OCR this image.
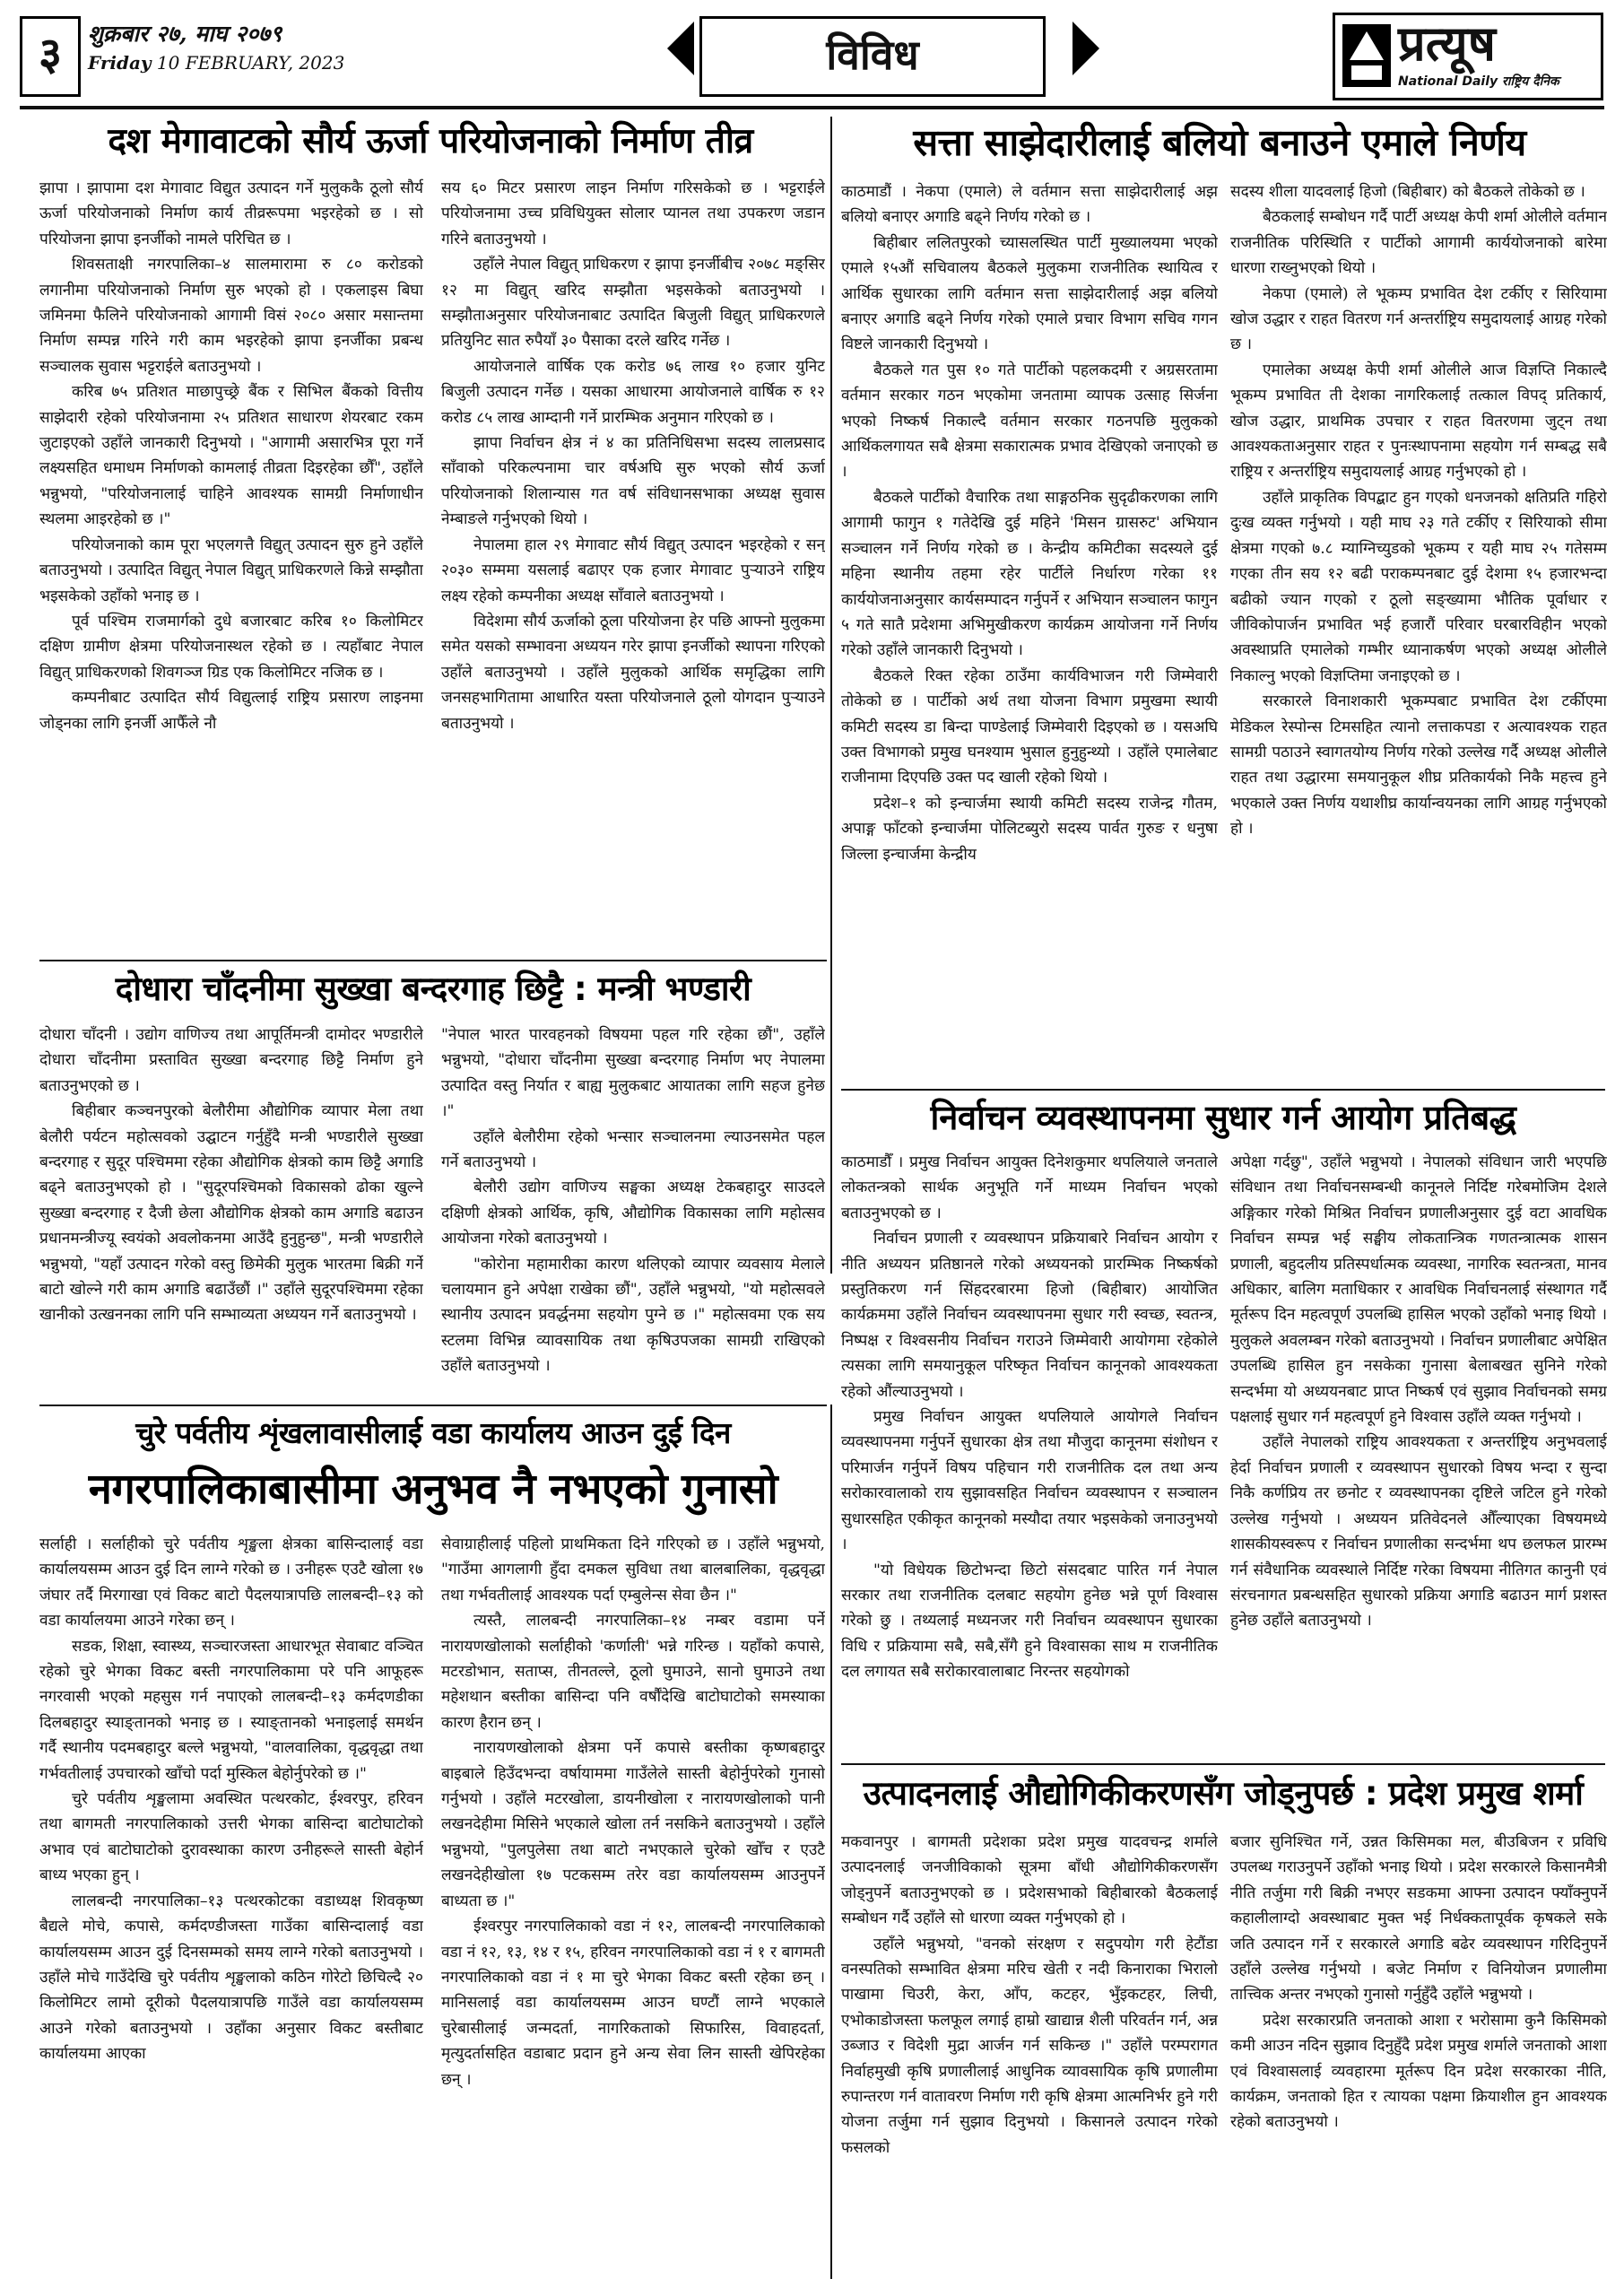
३	शुक्रबार २७, माघ २०७९
Friday 10 FEBRUARY, 2023	विविध	प्रत्यूष
National Daily राष्ट्रिय दैनिक
दश मेगावाटको सौर्य ऊर्जा परियोजनाको निर्माण तीव्र

झापा । झापामा दश मेगावाट विद्युत उत्पादन गर्ने मुलुककै ठूलो सौर्य ऊर्जा परियोजनाको निर्माण कार्य तीव्ररूपमा भइरहेको छ । सो परियोजना झापा इनर्जीको नामले परिचित छ ।

शिवसताक्षी नगरपालिका–४ सालमारामा रु ८० करोडको लगानीमा परियोजनाको निर्माण सुरु भएको हो । एकलाइस बिघा जमिनमा फैलिने परियोजनाको आगामी विसं २०८० असार मसान्तमा निर्माण सम्पन्न गरिने गरी काम भइरहेको झापा इनर्जीका प्रबन्ध सञ्चालक सुवास भट्टराईले बताउनुभयो ।

करिब ७५ प्रतिशत माछापुच्छ्रे बैंक र सिभिल बैंकको वित्तीय साझेदारी रहेको परियोजनामा २५ प्रतिशत साधारण शेयरबाट रकम जुटाइएको उहाँले जानकारी दिनुभयो । "आगामी असारभित्र पूरा गर्ने लक्ष्यसहित धमाधम निर्माणको कामलाई तीव्रता दिइरहेका छौँ", उहाँले भन्नुभयो, "परियोजनालाई चाहिने आवश्यक सामग्री निर्माणाधीन स्थलमा आइरहेको छ ।"

परियोजनाको काम पूरा भएलगत्तै विद्युत् उत्पादन सुरु हुने उहाँले बताउनुभयो । उत्पादित विद्युत् नेपाल विद्युत् प्राधिकरणले किन्ने सम्झौता भइसकेको उहाँको भनाइ छ ।

पूर्व पश्चिम राजमार्गको दुधे बजारबाट करिब १० किलोमिटर दक्षिण ग्रामीण क्षेत्रमा परियोजनास्थल रहेको छ । त्यहाँबाट नेपाल विद्युत् प्राधिकरणको शिवगञ्ज ग्रिड एक किलोमिटर नजिक छ ।

कम्पनीबाट उत्पादित सौर्य विद्युत्लाई राष्ट्रिय प्रसारण लाइनमा जोड्नका लागि इनर्जी आफैँले नौ

सय ६० मिटर प्रसारण लाइन निर्माण गरिसकेको छ । भट्टराईले परियोजनामा उच्च प्रविधियुक्त सोलार प्यानल तथा उपकरण जडान गरिने बताउनुभयो ।

उहाँले नेपाल विद्युत् प्राधिकरण र झापा इनर्जीबीच २०७८ मङ्सिर १२ मा विद्युत् खरिद सम्झौता भइसकेको बताउनुभयो । सम्झौताअनुसार परियोजनाबाट उत्पादित बिजुली विद्युत् प्राधिकरणले प्रतियुनिट सात रुपैयाँ ३० पैसाका दरले खरिद गर्नेछ ।

आयोजनाले वार्षिक एक करोड ७६ लाख १० हजार युनिट बिजुली उत्पादन गर्नेछ । यसका आधारमा आयोजनाले वार्षिक रु १२ करोड ८५ लाख आम्दानी गर्ने प्रारम्भिक अनुमान गरिएको छ ।

झापा निर्वाचन क्षेत्र नं ४ का प्रतिनिधिसभा सदस्य लालप्रसाद साँवाको परिकल्पनामा चार वर्षअघि सुरु भएको सौर्य ऊर्जा परियोजनाको शिलान्यास गत वर्ष संविधानसभाका अध्यक्ष सुवास नेम्बाङले गर्नुभएको थियो ।

नेपालमा हाल २९ मेगावाट सौर्य विद्युत् उत्पादन भइरहेको र सन् २०३० सम्ममा यसलाई बढाएर एक हजार मेगावाट पुऱ्याउने राष्ट्रिय लक्ष्य रहेको कम्पनीका अध्यक्ष साँवाले बताउनुभयो ।

विदेशमा सौर्य ऊर्जाको ठूला परियोजना हेर पछि आफ्नो मुलुकमा समेत यसको सम्भावना अध्ययन गरेर झापा इनर्जीको स्थापना गरिएको उहाँले बताउनुभयो । उहाँले मुलुकको आर्थिक समृद्धिका लागि जनसहभागितामा आधारित यस्ता परियोजनाले ठूलो योगदान पुऱ्याउने बताउनुभयो ।

सत्ता साझेदारीलाई बलियो बनाउने एमाले निर्णय

काठमाडौं । नेकपा (एमाले) ले वर्तमान सत्ता साझेदारीलाई अझ बलियो बनाएर अगाडि बढ्ने निर्णय गरेको छ ।

बिहीबार ललितपुरको च्यासलस्थित पार्टी मुख्यालयमा भएको एमाले १५औं सचिवालय बैठकले मुलुकमा राजनीतिक स्थायित्व र आर्थिक सुधारका लागि वर्तमान सत्ता साझेदारीलाई अझ बलियो बनाएर अगाडि बढ्ने निर्णय गरेको एमाले प्रचार विभाग सचिव गगन विष्टले जानकारी दिनुभयो ।

बैठकले गत पुस १० गते पार्टीको पहलकदमी र अग्रसरतामा वर्तमान सरकार गठन भएकोमा जनतामा व्यापक उत्साह सिर्जना भएको निष्कर्ष निकाल्दै वर्तमान सरकार गठनपछि मुलुकको आर्थिकलगायत सबै क्षेत्रमा सकारात्मक प्रभाव देखिएको जनाएको छ ।

बैठकले पार्टीको वैचारिक तथा साङ्गठनिक सुदृढीकरणका लागि आगामी फागुन १ गतेदेखि दुई महिने 'मिसन ग्रासरुट' अभियान सञ्चालन गर्ने निर्णय गरेको छ । केन्द्रीय कमिटीका सदस्यले दुई महिना स्थानीय तहमा रहेर पार्टीले निर्धारण गरेका ११ कार्ययोजनाअनुसार कार्यसम्पादन गर्नुपर्ने र अभियान सञ्चालन फागुन ५ गते सातै प्रदेशमा अभिमुखीकरण कार्यक्रम आयोजना गर्ने निर्णय गरेको उहाँले जानकारी दिनुभयो ।

बैठकले रिक्त रहेका ठाउँमा कार्यविभाजन गरी जिम्मेवारी तोकेको छ । पार्टीको अर्थ तथा योजना विभाग प्रमुखमा स्थायी कमिटी सदस्य डा बिन्दा पाण्डेलाई जिम्मेवारी दिइएको छ । यसअघि उक्त विभागको प्रमुख घनश्याम भुसाल हुनुहुन्थ्यो । उहाँले एमालेबाट राजीनामा दिएपछि उक्त पद खाली रहेको थियो ।

प्रदेश–१ को इन्चार्जमा स्थायी कमिटी सदस्य राजेन्द्र गौतम, अपाङ्ग फाँटको इन्चार्जमा पोलिटब्युरो सदस्य पार्वत गुरुङ र धनुषा जिल्ला इन्चार्जमा केन्द्रीय

सदस्य शीला यादवलाई हिजो (बिहीबार) को बैठकले तोकेको छ ।

बैठकलाई सम्बोधन गर्दै पार्टी अध्यक्ष केपी शर्मा ओलीले वर्तमान राजनीतिक परिस्थिति र पार्टीको आगामी कार्ययोजनाको बारेमा धारणा राख्नुभएको थियो ।

नेकपा (एमाले) ले भूकम्प प्रभावित देश टर्कीए र सिरियामा खोज उद्धार र राहत वितरण गर्न अन्तर्राष्ट्रिय समुदायलाई आग्रह गरेको छ ।

एमालेका अध्यक्ष केपी शर्मा ओलीले आज विज्ञप्ति निकाल्दै भूकम्प प्रभावित ती देशका नागरिकलाई तत्काल विपद् प्रतिकार्य, खोज उद्धार, प्राथमिक उपचार र राहत वितरणमा जुट्न तथा आवश्यकताअनुसार राहत र पुनःस्थापनामा सहयोग गर्न सम्बद्ध सबै राष्ट्रिय र अन्तर्राष्ट्रिय समुदायलाई आग्रह गर्नुभएको हो ।

उहाँले प्राकृतिक विपद्बाट हुन गएको धनजनको क्षतिप्रति गहिरो दुःख व्यक्त गर्नुभयो । यही माघ २३ गते टर्कीए र सिरियाको सीमा क्षेत्रमा गएको ७.८ म्याग्निच्युडको भूकम्प र यही माघ २५ गतेसम्म गएका तीन सय १२ बढी पराकम्पनबाट दुई देशमा १५ हजारभन्दा बढीको ज्यान गएको र ठूलो सङ्ख्यामा भौतिक पूर्वाधार र जीविकोपार्जन प्रभावित भई हजारौं परिवार घरबारविहीन भएको अवस्थाप्रति एमालेको गम्भीर ध्यानाकर्षण भएको अध्यक्ष ओलीले निकाल्नु भएको विज्ञप्तिमा जनाइएको छ ।

सरकारले विनाशकारी भूकम्पबाट प्रभावित देश टर्कीएमा मेडिकल रेस्पोन्स टिमसहित त्यानो लत्ताकपडा र अत्यावश्यक राहत सामग्री पठाउने स्वागतयोग्य निर्णय गरेको उल्लेख गर्दै अध्यक्ष ओलीले राहत तथा उद्धारमा समयानुकूल शीघ्र प्रतिकार्यको निकै महत्त्व हुने भएकाले उक्त निर्णय यथाशीघ्र कार्यान्वयनका लागि आग्रह गर्नुभएको हो ।

दोधारा चाँदनीमा सुख्खा बन्दरगाह छिट्टै : मन्त्री भण्डारी

दोधारा चाँदनी । उद्योग वाणिज्य तथा आपूर्तिमन्त्री दामोदर भण्डारीले दोधारा चाँदनीमा प्रस्तावित सुख्खा बन्दरगाह छिट्टै निर्माण हुने बताउनुभएको छ ।

बिहीबार कञ्चनपुरको बेलौरीमा औद्योगिक व्यापार मेला तथा बेलौरी पर्यटन महोत्सवको उद्घाटन गर्नुहुँदै मन्त्री भण्डारीले सुख्खा बन्दरगाह र सुदूर पश्चिममा रहेका औद्योगिक क्षेत्रको काम छिट्टै अगाडि बढ्ने बताउनुभएको हो । "सुदूरपश्चिमको विकासको ढोका खुल्ने सुख्खा बन्दरगाह र दैजी छेला औद्योगिक क्षेत्रको काम अगाडि बढाउन प्रधानमन्त्रीज्यू स्वयंको अवलोकनमा आउँदै हुनुहुन्छ", मन्त्री भण्डारीले भन्नुभयो, "यहाँ उत्पादन गरेको वस्तु छिमेकी मुलुक भारतमा बिक्री गर्ने बाटो खोल्ने गरी काम अगाडि बढाउँछौं ।" उहाँले सुदूरपश्चिममा रहेका खानीको उत्खननका लागि पनि सम्भाव्यता अध्ययन गर्ने बताउनुभयो ।

"नेपाल भारत पारवहनको विषयमा पहल गरि रहेका छौं", उहाँले भन्नुभयो, "दोधारा चाँदनीमा सुख्खा बन्दरगाह निर्माण भए नेपालमा उत्पादित वस्तु निर्यात र बाह्य मुलुकबाट आयातका लागि सहज हुनेछ ।"

उहाँले बेलौरीमा रहेको भन्सार सञ्चालनमा ल्याउनसमेत पहल गर्ने बताउनुभयो ।

बेलौरी उद्योग वाणिज्य सङ्घका अध्यक्ष टेकबहादुर साउदले दक्षिणी क्षेत्रको आर्थिक, कृषि, औद्योगिक विकासका लागि महोत्सव आयोजना गरेको बताउनुभयो ।

"कोरोना महामारीका कारण थलिएको व्यापार व्यवसाय मेलाले चलायमान हुने अपेक्षा राखेका छौं", उहाँले भन्नुभयो, "यो महोत्सवले स्थानीय उत्पादन प्रवर्द्धनमा सहयोग पुग्ने छ ।" महोत्सवमा एक सय स्टलमा विभिन्न व्यावसायिक तथा कृषिउपजका सामग्री राखिएको उहाँले बताउनुभयो ।

निर्वाचन व्यवस्थापनमा सुधार गर्न आयोग प्रतिबद्ध

काठमाडौँ । प्रमुख निर्वाचन आयुक्त दिनेशकुमार थपलियाले जनताले लोकतन्त्रको सार्थक अनुभूति गर्ने माध्यम निर्वाचन भएको बताउनुभएको छ ।

निर्वाचन प्रणाली र व्यवस्थापन प्रक्रियाबारे निर्वाचन आयोग र नीति अध्ययन प्रतिष्ठानले गरेको अध्ययनको प्रारम्भिक निष्कर्षको प्रस्तुतिकरण गर्न सिंहदरबारमा हिजो (बिहीबार) आयोजित कार्यक्रममा उहाँले निर्वाचन व्यवस्थापनमा सुधार गरी स्वच्छ, स्वतन्त्र, निष्पक्ष र विश्वसनीय निर्वाचन गराउने जिम्मेवारी आयोगमा रहेकोले त्यसका लागि समयानुकूल परिष्कृत निर्वाचन कानूनको आवश्यकता रहेको औंल्याउनुभयो ।

प्रमुख निर्वाचन आयुक्त थपलियाले आयोगले निर्वाचन व्यवस्थापनमा गर्नुपर्ने सुधारका क्षेत्र तथा मौजुदा कानूनमा संशोधन र परिमार्जन गर्नुपर्ने विषय पहिचान गरी राजनीतिक दल तथा अन्य सरोकारवालाको राय सुझावसहित निर्वाचन व्यवस्थापन र सञ्चालन सुधारसहित एकीकृत कानूनको मस्यौदा तयार भइसकेको जनाउनुभयो ।

"यो विधेयक छिटोभन्दा छिटो संसदबाट पारित गर्न नेपाल सरकार तथा राजनीतिक दलबाट सहयोग हुनेछ भन्ने पूर्ण विश्वास गरेको छु । तथ्यलाई मध्यनजर गरी निर्वाचन व्यवस्थापन सुधारका विधि र प्रक्रियामा सबै, सबै,सँगै हुने विश्वासका साथ म राजनीतिक दल लगायत सबै सरोकारवालाबाट निरन्तर सहयोगको

अपेक्षा गर्दछु", उहाँले भन्नुभयो । नेपालको संविधान जारी भएपछि संविधान तथा निर्वाचनसम्बन्धी कानूनले निर्दिष्ट गरेबमोजिम देशले अङ्गिकार गरेको मिश्रित निर्वाचन प्रणालीअनुसार दुई वटा आवधिक निर्वाचन सम्पन्न भई सङ्घीय लोकतान्त्रिक गणतन्त्रात्मक शासन प्रणाली, बहुदलीय प्रतिस्पर्धात्मक व्यवस्था, नागरिक स्वतन्त्रता, मानव अधिकार, बालिग मताधिकार र आवधिक निर्वाचनलाई संस्थागत गर्दै मूर्तरूप दिन महत्वपूर्ण उपलब्धि हासिल भएको उहाँको भनाइ थियो । मुलुकले अवलम्बन गरेको बताउनुभयो । निर्वाचन प्रणालीबाट अपेक्षित उपलब्धि हासिल हुन नसकेका गुनासा बेलाबखत सुनिने गरेको सन्दर्भमा यो अध्ययनबाट प्राप्त निष्कर्ष एवं सुझाव निर्वाचनको समग्र पक्षलाई सुधार गर्न महत्वपूर्ण हुने विश्वास उहाँले व्यक्त गर्नुभयो ।

उहाँले नेपालको राष्ट्रिय आवश्यकता र अन्तर्राष्ट्रिय अनुभवलाई हेर्दा निर्वाचन प्रणाली र व्यवस्थापन सुधारको विषय भन्दा र सुन्दा निकै कर्णप्रिय तर छनोट र व्यवस्थापनका दृष्टिले जटिल हुने गरेको उल्लेख गर्नुभयो । अध्ययन प्रतिवेदनले औँल्याएका विषयमध्ये शासकीयस्वरूप र निर्वाचन प्रणालीका सन्दर्भमा थप छलफल प्रारम्भ गर्न संवैधानिक व्यवस्थाले निर्दिष्ट गरेका विषयमा नीतिगत कानुनी एवं संरचनागत प्रबन्धसहित सुधारको प्रक्रिया अगाडि बढाउन मार्ग प्रशस्त हुनेछ उहाँले बताउनुभयो ।

चुरे पर्वतीय शृंखलावासीलाई वडा कार्यालय आउन दुई दिन
नगरपालिकाबासीमा अनुभव नै नभएको गुनासो

सर्लाही । सर्लाहीको चुरे पर्वतीय शृङ्खला क्षेत्रका बासिन्दालाई वडा कार्यालयसम्म आउन दुई दिन लाग्ने गरेको छ । उनीहरू एउटै खोला १७ जंघार तर्दै मिरगाखा एवं विकट बाटो पैदलयात्रापछि लालबन्दी–१३ को वडा कार्यालयमा आउने गरेका छन् ।

सडक, शिक्षा, स्वास्थ्य, सञ्चारजस्ता आधारभूत सेवाबाट वञ्चित रहेको चुरे भेगका विकट बस्ती नगरपालिकामा परे पनि आफूहरू नगरवासी भएको महसुस गर्न नपाएको लालबन्दी–१३ कर्मदणडीका दिलबहादुर स्याङ्तानको भनाइ छ । स्याङ्तानको भनाइलाई समर्थन गर्दै स्थानीय पदमबहादुर बल्ले भन्नुभयो, "वालवालिका, वृद्धवृद्धा तथा गर्भवतीलाई उपचारको खाँचो पर्दा मुस्किल बेहोर्नुपरेको छ ।"

चुरे पर्वतीय शृङ्खलामा अवस्थित पत्थरकोट, ईश्वरपुर, हरिवन तथा बागमती नगरपालिकाको उत्तरी भेगका बासिन्दा बाटोघाटोको अभाव एवं बाटोघाटोको दुरावस्थाका कारण उनीहरूले सास्ती बेहोर्न बाध्य भएका हुन् ।

लालबन्दी नगरपालिका–१३ पत्थरकोटका वडाध्यक्ष शिवकृष्ण बैद्यले मोचे, कपासे, कर्मदण्डीजस्ता गाउँका बासिन्दालाई वडा कार्यालयसम्म आउन दुई दिनसम्मको समय लाग्ने गरेको बताउनुभयो । उहाँले मोचे गाउँदेखि चुरे पर्वतीय शृङ्खलाको कठिन गोरेटो छिचिल्दै २० किलोमिटर लामो दूरीको पैदलयात्रापछि गाउँले वडा कार्यालयसम्म आउने गरेको बताउनुभयो । उहाँका अनुसार विकट बस्तीबाट कार्यालयमा आएका

सेवाग्राहीलाई पहिलो प्राथमिकता दिने गरिएको छ । उहाँले भन्नुभयो, "गाउँमा आगलागी हुँदा दमकल सुविधा तथा बालबालिका, वृद्धवृद्धा तथा गर्भवतीलाई आवश्यक पर्दा एम्बुलेन्स सेवा छैन ।"

त्यस्तै, लालबन्दी नगरपालिका–१४ नम्बर वडामा पर्ने नारायणखोलाको सर्लाहीको 'कर्णाली' भन्ने गरिन्छ । यहाँको कपासे, मटरडोभान, सताप्स, तीनतल्ले, ठूलो घुमाउने, सानो घुमाउने तथा महेशथान बस्तीका बासिन्दा पनि वर्षौंदेखि बाटोघाटोको समस्याका कारण हैरान छन् ।

नारायणखोलाको क्षेत्रमा पर्ने कपासे बस्तीका कृष्णबहादुर बाइबाले हिउँदभन्दा वर्षायाममा गाउँलेले सास्ती बेहोर्नुपरेको गुनासो गर्नुभयो । उहाँले मटरखोला, डायनीखोला र नारायणखोलाको पानी लखनदेहीमा मिसिने भएकाले खोला तर्न नसकिने बताउनुभयो । उहाँले भन्नुभयो, "पुलपुलेसा तथा बाटो नभएकाले चुरेको खोँच र एउटै लखनदेहीखोला १७ पटकसम्म तरेर वडा कार्यालयसम्म आउनुपर्ने बाध्यता छ ।"

ईश्वरपुर नगरपालिकाको वडा नं १२, लालबन्दी नगरपालिकाको वडा नं १२, १३, १४ र १५, हरिवन नगरपालिकाको वडा नं १ र बागमती नगरपालिकाको वडा नं १ मा चुरे भेगका विकट बस्ती रहेका छन् । मानिसलाई वडा कार्यालयसम्म आउन घण्टौं लाग्ने भएकाले चुरेबासीलाई जन्मदर्ता, नागरिकताको सिफारिस, विवाहदर्ता, मृत्युदर्तासहित वडाबाट प्रदान हुने अन्य सेवा लिन सास्ती खेपिरहेका छन् ।

उत्पादनलाई औद्योगिकीकरणसँग जोड्नुपर्छ : प्रदेश प्रमुख शर्मा

मकवानपुर । बागमती प्रदेशका प्रदेश प्रमुख यादवचन्द्र शर्माले उत्पादनलाई जनजीविकाको सूत्रमा बाँधी औद्योगिकीकरणसँग जोड्नुपर्ने बताउनुभएको छ । प्रदेशसभाको बिहीबारको बैठकलाई सम्बोधन गर्दै उहाँले सो धारणा व्यक्त गर्नुभएको हो ।

उहाँले भन्नुभयो, "वनको संरक्षण र सदुपयोग गरी हेटौंडा वनस्पतिको सम्भावित क्षेत्रमा मरिच खेती र नदी किनाराका भिरालो पाखामा चिउरी, केरा, आँप, कटहर, भुँइकटहर, लिची, एभोकाडोजस्ता फलफूल लगाई हाम्रो खाद्यान्न शैली परिवर्तन गर्न, अन्न उब्जाउ र विदेशी मुद्रा आर्जन गर्न सकिन्छ ।" उहाँले परम्परागत निर्वाहमुखी कृषि प्रणालीलाई आधुनिक व्यावसायिक कृषि प्रणालीमा रुपान्तरण गर्न वातावरण निर्माण गरी कृषि क्षेत्रमा आत्मनिर्भर हुने गरी योजना तर्जुमा गर्न सुझाव दिनुभयो । किसानले उत्पादन गरेको फसलको

बजार सुनिश्चित गर्ने, उन्नत किसिमका मल, बीउबिजन र प्रविधि उपलब्ध गराउनुपर्ने उहाँको भनाइ थियो । प्रदेश सरकारले किसानमैत्री नीति तर्जुमा गरी बिक्री नभएर सडकमा आफ्ना उत्पादन फ्याँक्नुपर्ने कहालीलाग्दो अवस्थाबाट मुक्त भई निर्धक्कतापूर्वक कृषकले सके जति उत्पादन गर्ने र सरकारले अगाडि बढेर व्यवस्थापन गरिदिनुपर्ने उहाँले उल्लेख गर्नुभयो । बजेट निर्माण र विनियोजन प्रणालीमा तात्त्विक अन्तर नभएको गुनासो गर्नुहुँदै उहाँले भन्नुभयो ।

प्रदेश सरकारप्रति जनताको आशा र भरोसामा कुनै किसिमको कमी आउन नदिन सुझाव दिनुहुँदै प्रदेश प्रमुख शर्माले जनताको आशा एवं विश्वासलाई व्यवहारमा मूर्तरूप दिन प्रदेश सरकारका नीति, कार्यक्रम, जनताको हित र त्यायका पक्षमा क्रियाशील हुन आवश्यक रहेको बताउनुभयो ।
